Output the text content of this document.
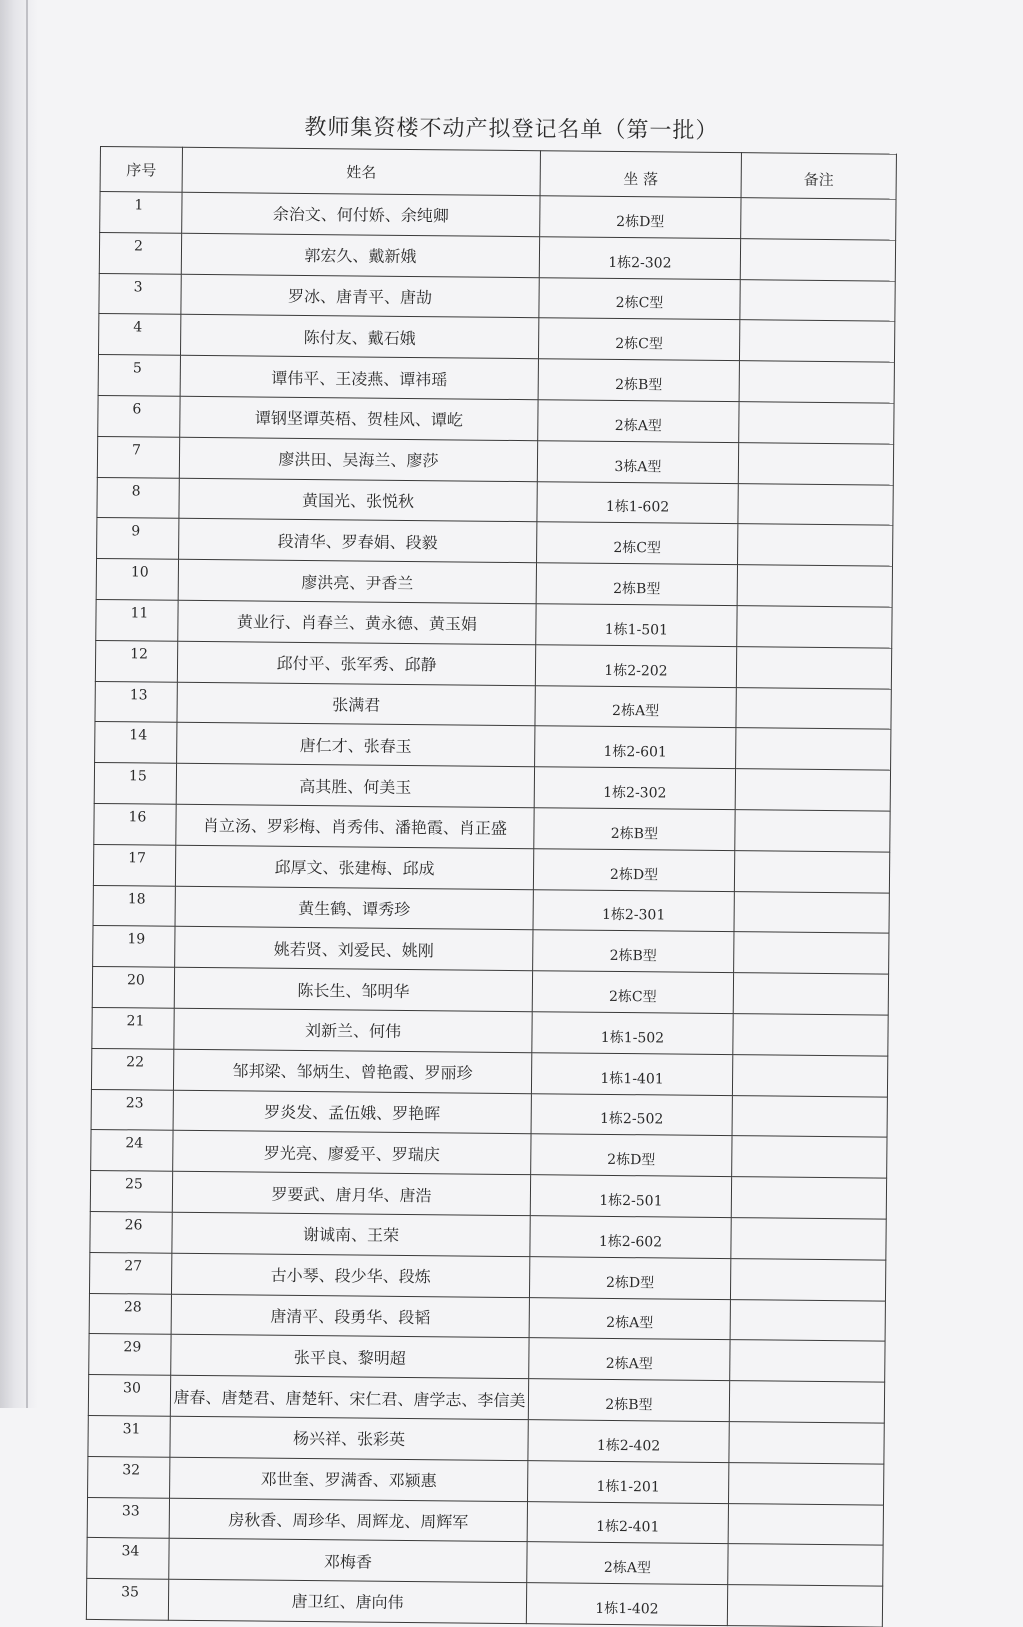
教师集资楼不动产拟登记名单（第一批）
序号	姓名	坐 落	备注
1	余治文、何付娇、余纯卿	2栋D型	
2	郭宏久、戴新娥	1栋2-302	
3	罗冰、唐青平、唐劼	2栋C型	
4	陈付友、戴石娥	2栋C型	
5	谭伟平、王凌燕、谭祎瑶	2栋B型	
6	谭钢坚谭英梧、贺桂风、谭屹	2栋A型	
7	廖洪田、吴海兰、廖莎	3栋A型	
8	黄国光、张悦秋	1栋1-602	
9	段清华、罗春娟、段毅	2栋C型	
10	廖洪亮、尹香兰	2栋B型	
11	黄业行、肖春兰、黄永德、黄玉娟	1栋1-501	
12	邱付平、张军秀、邱静	1栋2-202	
13	张满君	2栋A型	
14	唐仁才、张春玉	1栋2-601	
15	高其胜、何美玉	1栋2-302	
16	肖立汤、罗彩梅、肖秀伟、潘艳霞、肖正盛	2栋B型	
17	邱厚文、张建梅、邱成	2栋D型	
18	黄生鹤、谭秀珍	1栋2-301	
19	姚若贤、刘爱民、姚刚	2栋B型	
20	陈长生、邹明华	2栋C型	
21	刘新兰、何伟	1栋1-502	
22	邹邦梁、邹炳生、曾艳霞、罗丽珍	1栋1-401	
23	罗炎发、孟伍娥、罗艳晖	1栋2-502	
24	罗光亮、廖爱平、罗瑞庆	2栋D型	
25	罗要武、唐月华、唐浩	1栋2-501	
26	谢诚南、王荣	1栋2-602	
27	古小琴、段少华、段炼	2栋D型	
28	唐清平、段勇华、段韬	2栋A型	
29	张平良、黎明超	2栋A型	
30	唐春、唐楚君、唐楚轩、宋仁君、唐学志、李信美	2栋B型	
31	杨兴祥、张彩英	1栋2-402	
32	邓世奎、罗满香、邓颍惠	1栋1-201	
33	房秋香、周珍华、周辉龙、周辉军	1栋2-401	
34	邓梅香	2栋A型	
35	唐卫红、唐向伟	1栋1-402	
